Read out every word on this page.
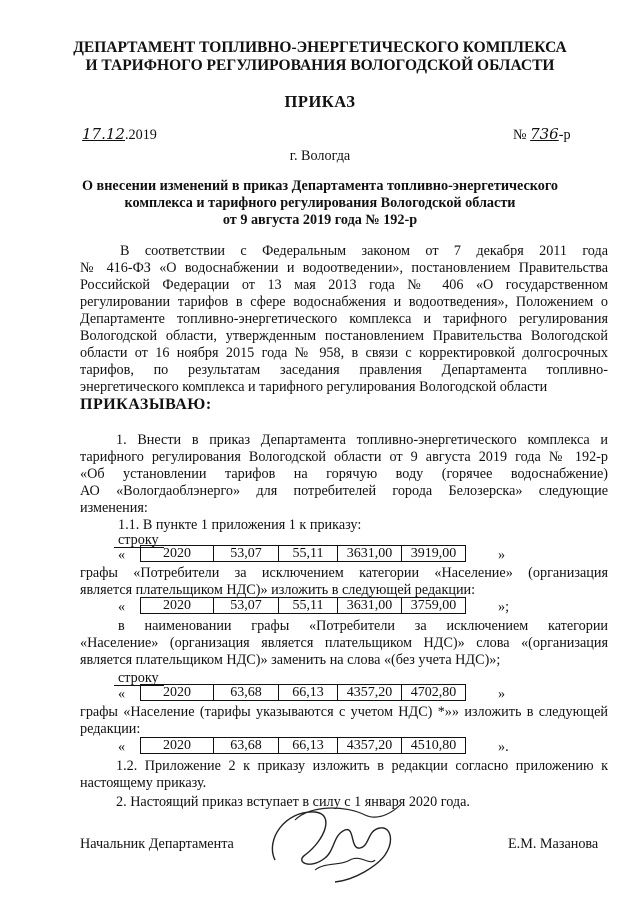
ДЕПАРТАМЕНТ ТОПЛИВНО-ЭНЕРГЕТИЧЕСКОГО КОМПЛЕКСА
И ТАРИФНОГО РЕГУЛИРОВАНИЯ ВОЛОГОДСКОЙ ОБЛАСТИ
ПРИКАЗ
17.12.2019	№ 736-р
г. Вологда
О внесении изменений в приказ Департамента топливно-энергетического
комплекса и тарифного регулирования Вологодской области
от 9 августа 2019 года № 192-р
В соответствии с Федеральным законом от 7 декабря 2011 года
№ 416-ФЗ «О водоснабжении и водоотведении», постановлением Правительства
Российской Федерации от 13 мая 2013 года № 406 «О государственном
регулировании тарифов в сфере водоснабжения и водоотведения», Положением о
Департаменте топливно-энергетического комплекса и тарифного регулирования
Вологодской области, утвержденным постановлением Правительства Вологодской
области от 16 ноября 2015 года № 958, в связи с корректировкой долгосрочных
тарифов, по результатам заседания правления Департамента топливно-
энергетического комплекса и тарифного регулирования Вологодской области
ПРИКАЗЫВАЮ:
1. Внести в приказ Департамента топливно-энергетического комплекса и
тарифного регулирования Вологодской области от 9 августа 2019 года № 192-р
«Об установлении тарифов на горячую воду (горячее водоснабжение)
АО «Вологдаоблэнерго» для потребителей города Белозерска» следующие
изменения:
1.1. В пункте 1 приложения 1 к приказу:
строку
«	2020	53,07	55,11	3631,00	3919,00	»
графы «Потребители за исключением категории «Население» (организация
является плательщиком НДС)» изложить в следующей редакции:
«	2020	53,07	55,11	3631,00	3759,00	»;
в наименовании графы «Потребители за исключением категории
«Население» (организация является плательщиком НДС)» слова «(организация
является плательщиком НДС)» заменить на слова «(без учета НДС)»;
строку
«	2020	63,68	66,13	4357,20	4702,80	»
графы «Население (тарифы указываются с учетом НДС) *»» изложить в следующей
редакции:
«	2020	63,68	66,13	4357,20	4510,80	».
1.2. Приложение 2 к приказу изложить в редакции согласно приложению к
настоящему приказу.
2. Настоящий приказ вступает в силу с 1 января 2020 года.
Начальник Департамента	Е.М. Мазанова
